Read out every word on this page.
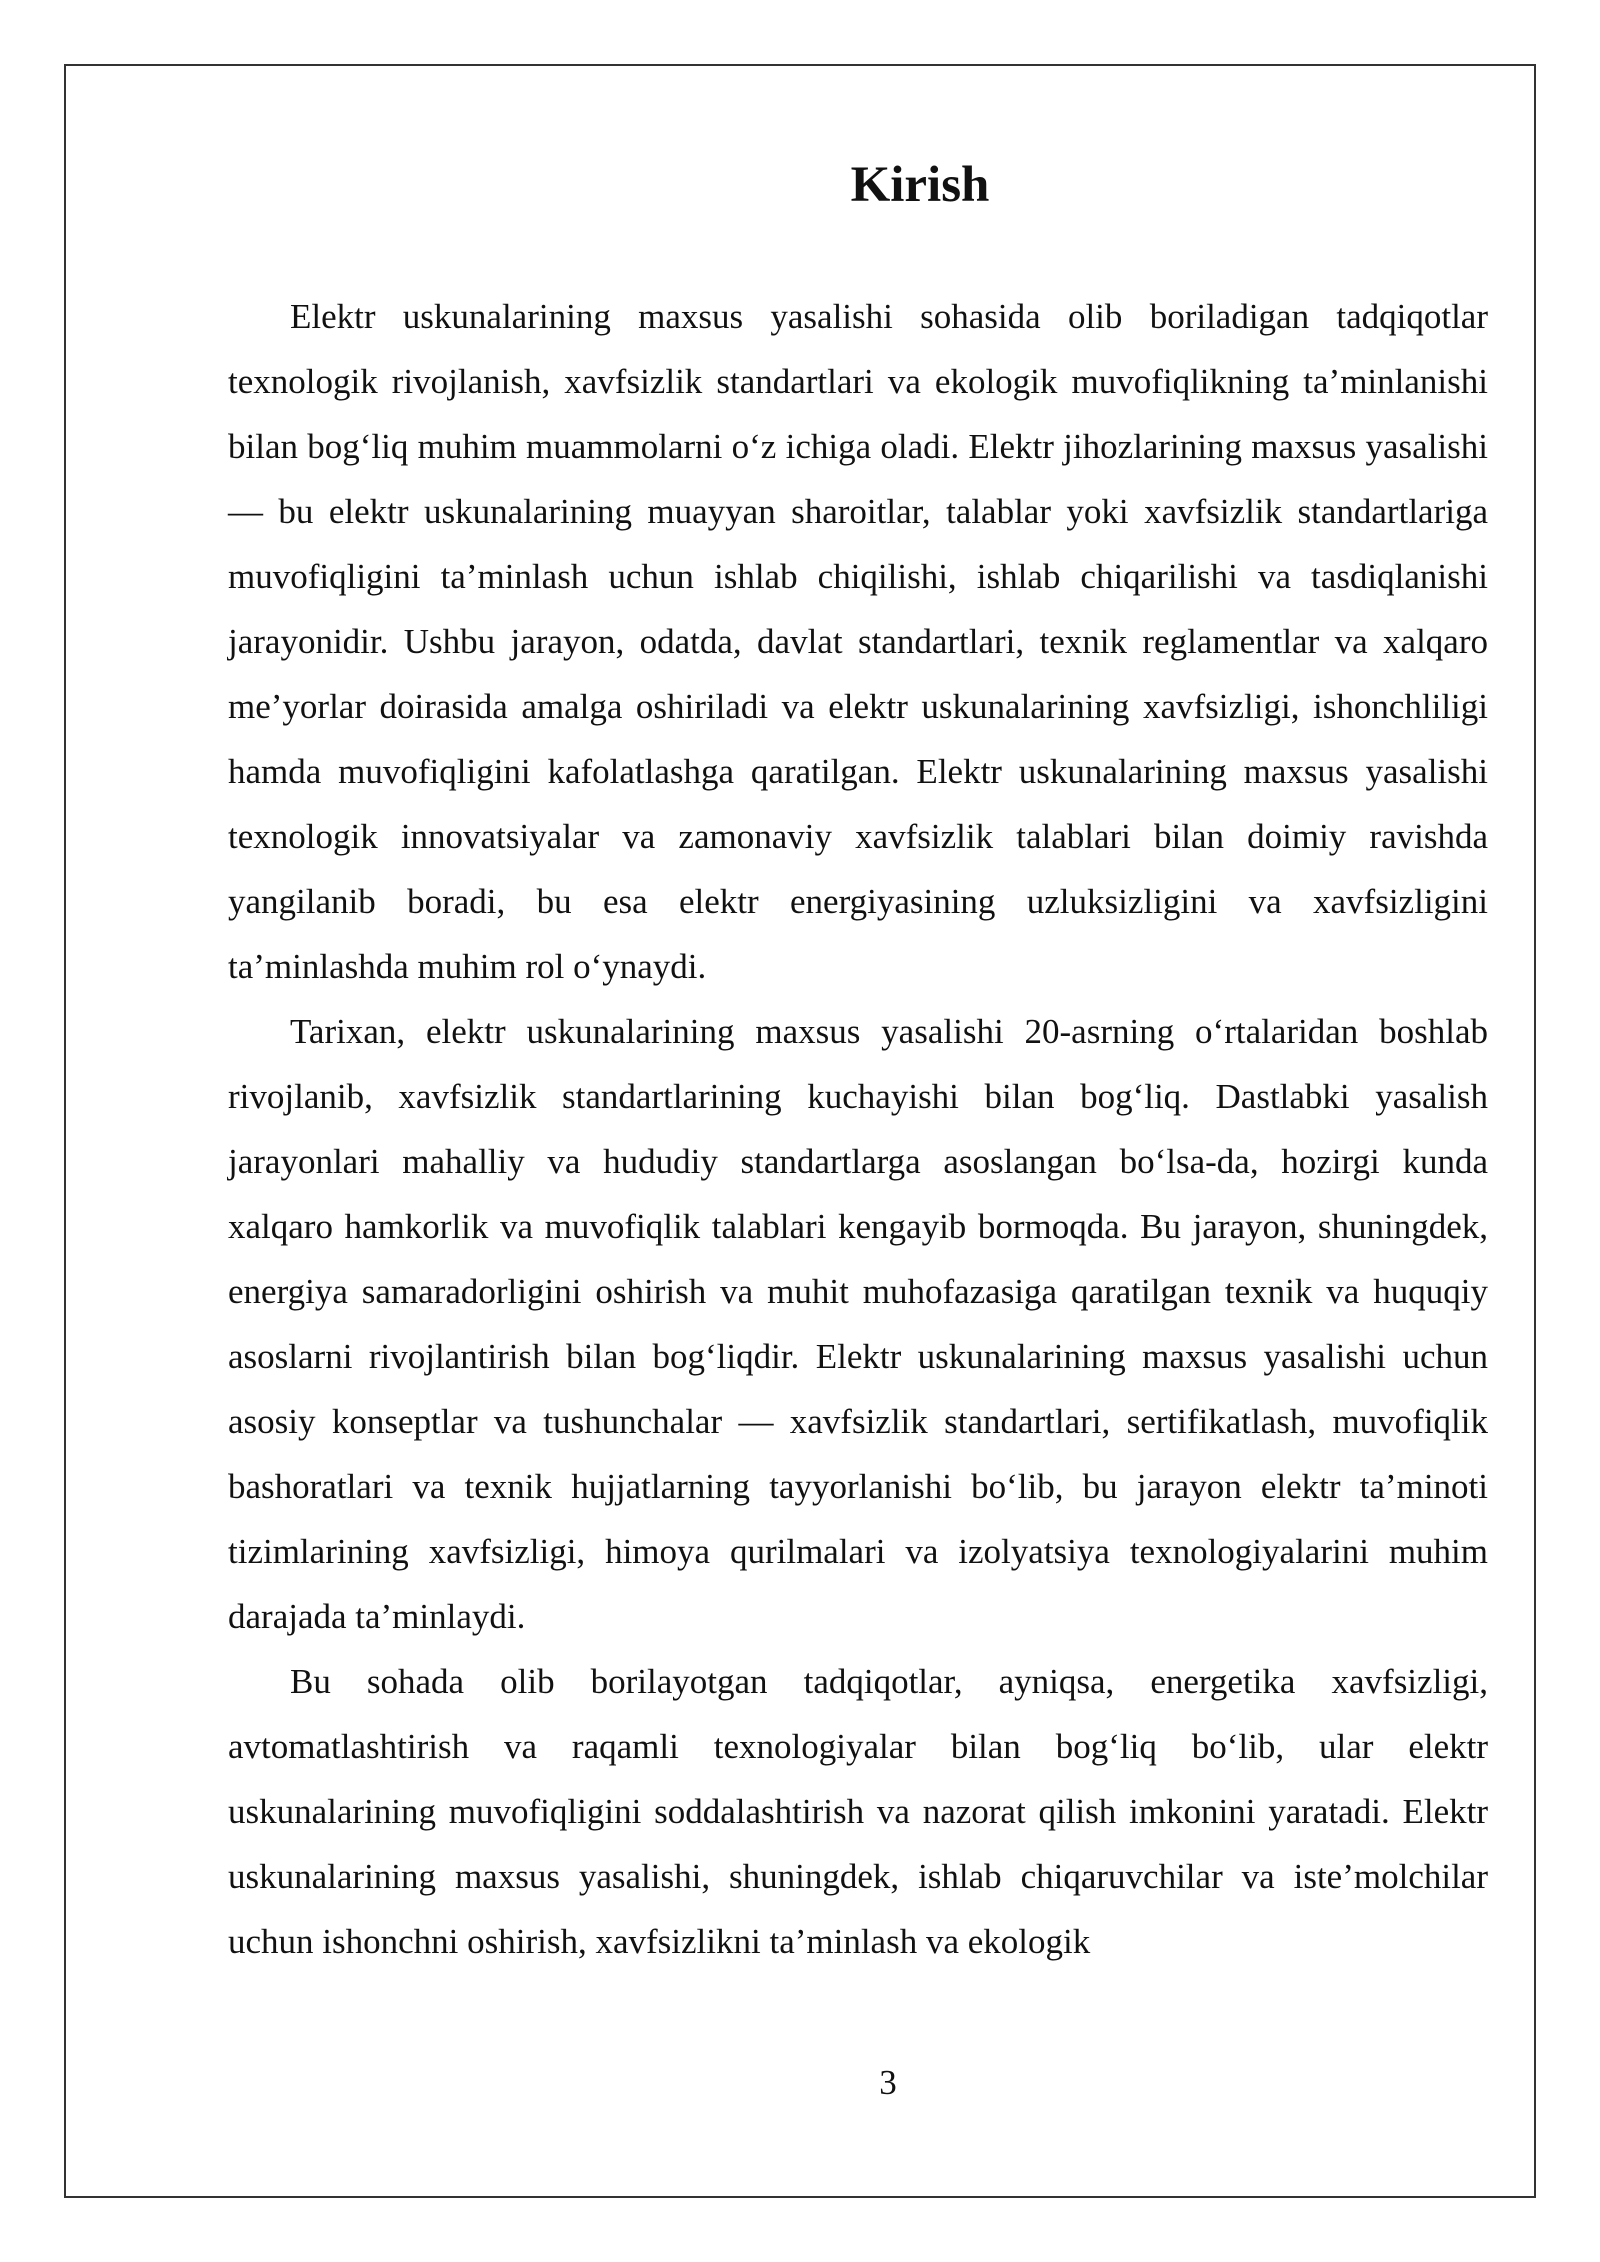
Kirish

Elektr uskunalarining maxsus yasalishi sohasida olib boriladigan tadqiqotlar texnologik rivojlanish, xavfsizlik standartlari va ekologik muvofiqlikning ta’minlanishi bilan bog‘liq muhim muammolarni o‘z ichiga oladi. Elektr jihozlarining maxsus yasalishi — bu elektr uskunalarining muayyan sharoitlar, talablar yoki xavfsizlik standartlariga muvofiqligini ta’minlash uchun ishlab chiqilishi, ishlab chiqarilishi va tasdiqlanishi jarayonidir. Ushbu jarayon, odatda, davlat standartlari, texnik reglamentlar va xalqaro me’yorlar doirasida amalga oshiriladi va elektr uskunalarining xavfsizligi, ishonchliligi hamda muvofiqligini kafolatlashga qaratilgan. Elektr uskunalarining maxsus yasalishi texnologik innovatsiyalar va zamonaviy xavfsizlik talablari bilan doimiy ravishda yangilanib boradi, bu esa elektr energiyasining uzluksizligini va xavfsizligini ta’minlashda muhim rol o‘ynaydi.

Tarixan, elektr uskunalarining maxsus yasalishi 20-asrning o‘rtalaridan boshlab rivojlanib, xavfsizlik standartlarining kuchayishi bilan bog‘liq. Dastlabki yasalish jarayonlari mahalliy va hududiy standartlarga asoslangan bo‘lsa-da, hozirgi kunda xalqaro hamkorlik va muvofiqlik talablari kengayib bormoqda. Bu jarayon, shuningdek, energiya samaradorligini oshirish va muhit muhofazasiga qaratilgan texnik va huquqiy asoslarni rivojlantirish bilan bog‘liqdir. Elektr uskunalarining maxsus yasalishi uchun asosiy konseptlar va tushunchalar — xavfsizlik standartlari, sertifikatlash, muvofiqlik bashoratlari va texnik hujjatlarning tayyorlanishi bo‘lib, bu jarayon elektr ta’minoti tizimlarining xavfsizligi, himoya qurilmalari va izolyatsiya texnologiyalarini muhim darajada ta’minlaydi.

Bu sohada olib borilayotgan tadqiqotlar, ayniqsa, energetika xavfsizligi, avtomatlashtirish va raqamli texnologiyalar bilan bog‘liq bo‘lib, ular elektr uskunalarining muvofiqligini soddalashtirish va nazorat qilish imkonini yaratadi. Elektr uskunalarining maxsus yasalishi, shuningdek, ishlab chiqaruvchilar va iste’molchilar uchun ishonchni oshirish, xavfsizlikni ta’minlash va ekologik

3
